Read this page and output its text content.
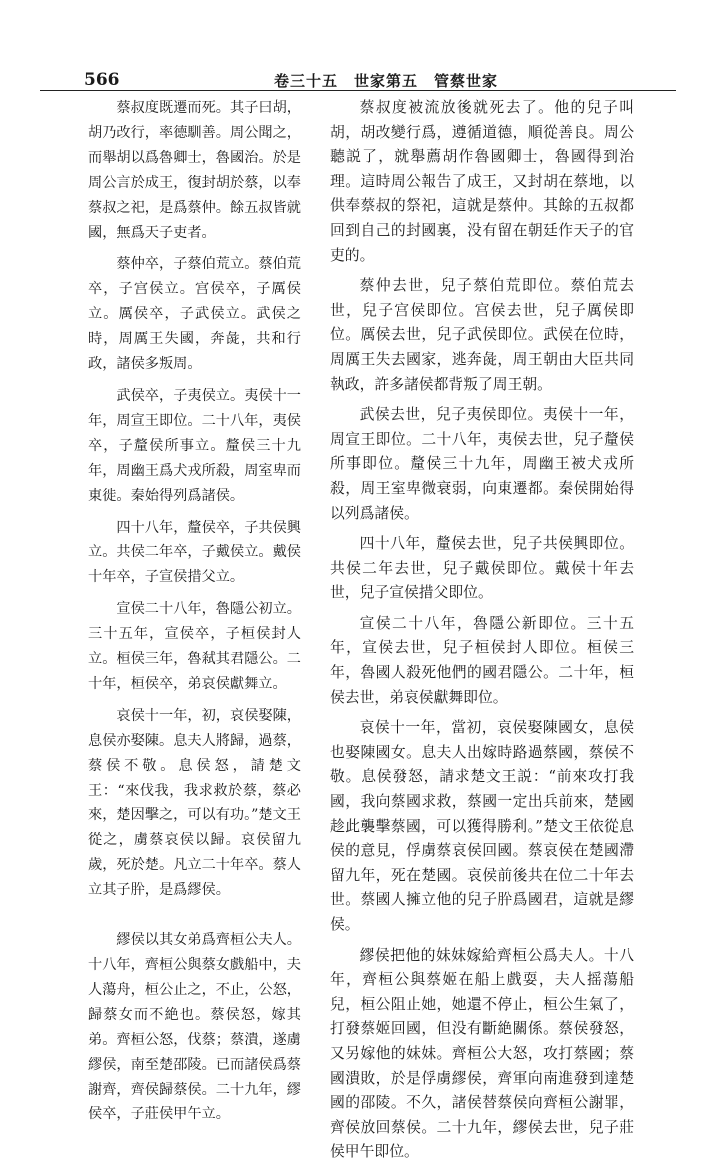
566	卷三十五　世家第五　管蔡世家

蔡叔度既遷而死。其子曰胡，胡乃改行，率德馴善。周公聞之，而舉胡以爲魯卿士，魯國治。於是周公言於成王，復封胡於蔡，以奉蔡叔之祀，是爲蔡仲。餘五叔皆就國，無爲天子吏者。

蔡仲卒，子蔡伯荒立。蔡伯荒卒，子宫侯立。宫侯卒，子厲侯立。厲侯卒，子武侯立。武侯之時，周厲王失國，奔彘，共和行政，諸侯多叛周。

武侯卒，子夷侯立。夷侯十一年，周宣王即位。二十八年，夷侯卒，子釐侯所事立。釐侯三十九年，周幽王爲犬戎所殺，周室卑而東徙。秦始得列爲諸侯。

四十八年，釐侯卒，子共侯興立。共侯二年卒，子戴侯立。戴侯十年卒，子宣侯措父立。

宣侯二十八年，魯隱公初立。三十五年，宣侯卒，子桓侯封人立。桓侯三年，魯弒其君隱公。二十年，桓侯卒，弟哀侯獻舞立。

哀侯十一年，初，哀侯娶陳，息侯亦娶陳。息夫人將歸，過蔡，蔡侯不敬。息侯怒，請楚文王：“來伐我，我求救於蔡，蔡必來，楚因擊之，可以有功。”楚文王從之，虜蔡哀侯以歸。哀侯留九歲，死於楚。凡立二十年卒。蔡人立其子肸，是爲繆侯。

繆侯以其女弟爲齊桓公夫人。十八年，齊桓公與蔡女戲船中，夫人蕩舟，桓公止之，不止，公怒，歸蔡女而不絶也。蔡侯怒，嫁其弟。齊桓公怒，伐蔡；蔡潰，遂虜繆侯，南至楚邵陵。已而諸侯爲蔡謝齊，齊侯歸蔡侯。二十九年，繆侯卒，子莊侯甲午立。

蔡叔度被流放後就死去了。他的兒子叫胡，胡改變行爲，遵循道德，順從善良。周公聽説了，就舉薦胡作魯國卿士，魯國得到治理。這時周公報告了成王，又封胡在蔡地，以供奉蔡叔的祭祀，這就是蔡仲。其餘的五叔都回到自己的封國裏，没有留在朝廷作天子的官吏的。

蔡仲去世，兒子蔡伯荒即位。蔡伯荒去世，兒子宫侯即位。宫侯去世，兒子厲侯即位。厲侯去世，兒子武侯即位。武侯在位時，周厲王失去國家，逃奔彘，周王朝由大臣共同執政，許多諸侯都背叛了周王朝。

武侯去世，兒子夷侯即位。夷侯十一年，周宣王即位。二十八年，夷侯去世，兒子釐侯所事即位。釐侯三十九年，周幽王被犬戎所殺，周王室卑微衰弱，向東遷都。秦侯開始得以列爲諸侯。

四十八年，釐侯去世，兒子共侯興即位。共侯二年去世，兒子戴侯即位。戴侯十年去世，兒子宣侯措父即位。

宣侯二十八年，魯隱公新即位。三十五年，宣侯去世，兒子桓侯封人即位。桓侯三年，魯國人殺死他們的國君隱公。二十年，桓侯去世，弟哀侯獻舞即位。

哀侯十一年，當初，哀侯娶陳國女，息侯也娶陳國女。息夫人出嫁時路過蔡國，蔡侯不敬。息侯發怒，請求楚文王説：“前來攻打我國，我向蔡國求救，蔡國一定出兵前來，楚國趁此襲擊蔡國，可以獲得勝利。”楚文王依從息侯的意見，俘虜蔡哀侯回國。蔡哀侯在楚國滯留九年，死在楚國。哀侯前後共在位二十年去世。蔡國人擁立他的兒子肸爲國君，這就是繆侯。

繆侯把他的妹妹嫁給齊桓公爲夫人。十八年，齊桓公與蔡姬在船上戲耍，夫人摇蕩船兒，桓公阻止她，她還不停止，桓公生氣了，打發蔡姬回國，但没有斷絶關係。蔡侯發怒，又另嫁他的妹妹。齊桓公大怒，攻打蔡國；蔡國潰敗，於是俘虜繆侯，齊軍向南進發到達楚國的邵陵。不久，諸侯替蔡侯向齊桓公謝罪，齊侯放回蔡侯。二十九年，繆侯去世，兒子莊侯甲午即位。
